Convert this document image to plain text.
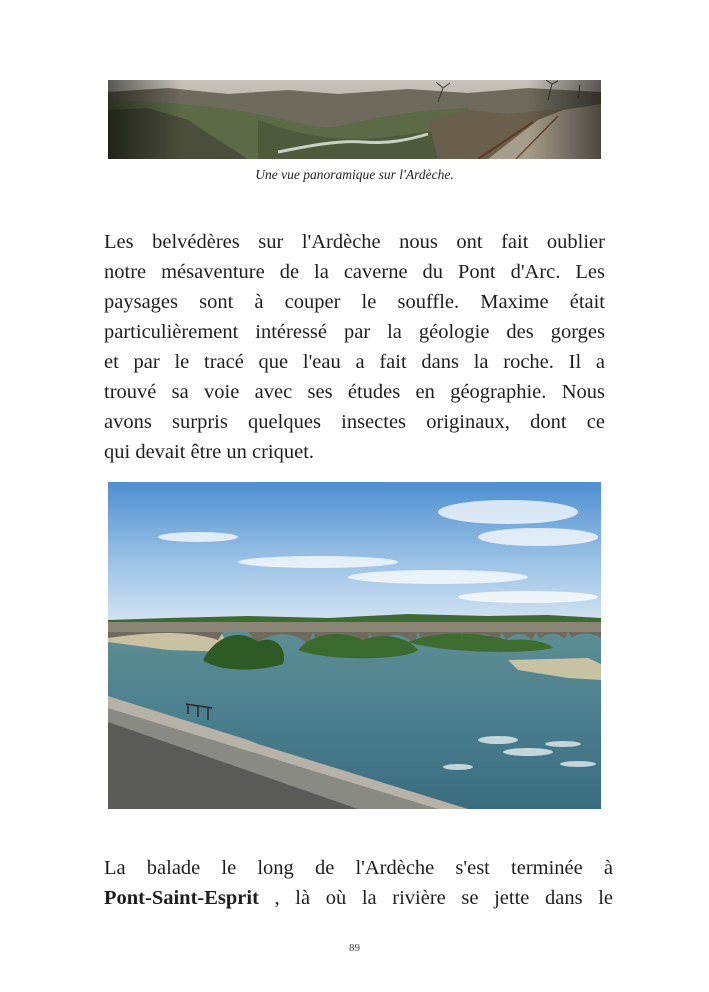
Une vue panoramique sur l'Ardèche.
Les belvédères sur l'Ardèche nous ont fait oublier
notre mésaventure de la caverne du Pont d'Arc. Les
paysages sont à couper le souffle. Maxime était
particulièrement intéressé par la géologie des gorges
et par le tracé que l'eau a fait dans la roche. Il a
trouvé sa voie avec ses études en géographie. Nous
avons surpris quelques insectes originaux, dont ce
qui devait être un criquet.
La balade le long de l'Ardèche s'est terminée à
Pont-Saint-Esprit , là où la rivière se jette dans le
89
